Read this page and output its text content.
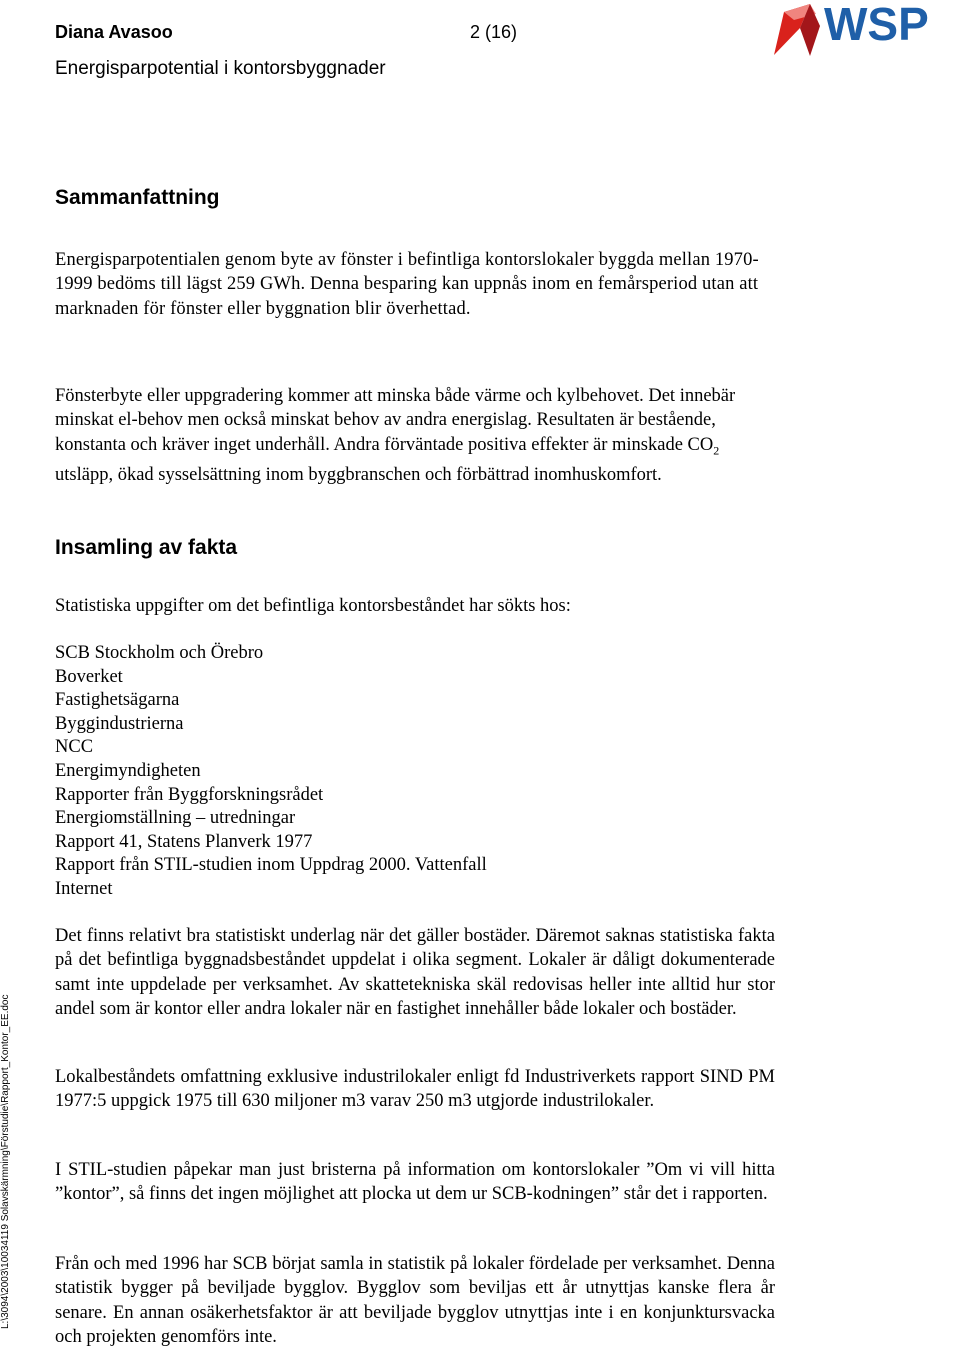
Diana Avasoo	2 (16)
Energisparpotential i kontorsbyggnader
WSP
Sammanfattning

Energisparpotentialen genom byte av fönster i befintliga kontorslokaler byggda mellan 1970-1999 bedöms till lägst 259 GWh. Denna besparing kan uppnås inom en femårsperiod utan att marknaden för fönster eller byggnation blir överhettad.

Fönsterbyte eller uppgradering kommer att minska både värme och kylbehovet. Det innebär minskat el-behov men också minskat behov av andra energislag. Resultaten är bestående, konstanta och kräver inget underhåll. Andra förväntade positiva effekter är minskade $CO_2$ utsläpp, ökad sysselsättning inom byggbranschen och förbättrad inomhuskomfort.

Insamling av fakta

Statistiska uppgifter om det befintliga kontorsbeståndet har sökts hos:

SCB Stockholm och Örebro
Boverket
Fastighetsägarna
Byggindustrierna
NCC
Energimyndigheten
Rapporter från Byggforskningsrådet
Energiomställning – utredningar
Rapport 41, Statens Planverk 1977
Rapport från STIL-studien inom Uppdrag 2000. Vattenfall
Internet

Det finns relativt bra statistiskt underlag när det gäller bostäder. Däremot saknas statistiska fakta på det befintliga byggnadsbeståndet uppdelat i olika segment. Lokaler är dåligt dokumenterade samt inte uppdelade per verksamhet. Av skattetekniska skäl redovisas heller inte alltid hur stor andel som är kontor eller andra lokaler när en fastighet innehåller både lokaler och bostäder.

Lokalbeståndets omfattning exklusive industrilokaler enligt fd Industriverkets rapport SIND PM 1977:5 uppgick 1975 till 630 miljoner m3 varav 250 m3 utgjorde industrilokaler.

I STIL-studien påpekar man just bristerna på information om kontorslokaler ”Om vi vill hitta ”kontor”, så finns det ingen möjlighet att plocka ut dem ur SCB-kodningen” står det i rapporten.

Från och med 1996 har SCB börjat samla in statistik på lokaler fördelade per verksamhet. Denna statistik bygger på beviljade bygglov. Bygglov som beviljas ett år utnyttjas kanske flera år senare. En annan osäkerhetsfaktor är att beviljade bygglov utnyttjas inte i en konjunktursvacka och projekten genomförs inte.

L:\3094\2003\10034119 Solavskärmning\Förstudie\Rapport_Kontor_EE.doc
